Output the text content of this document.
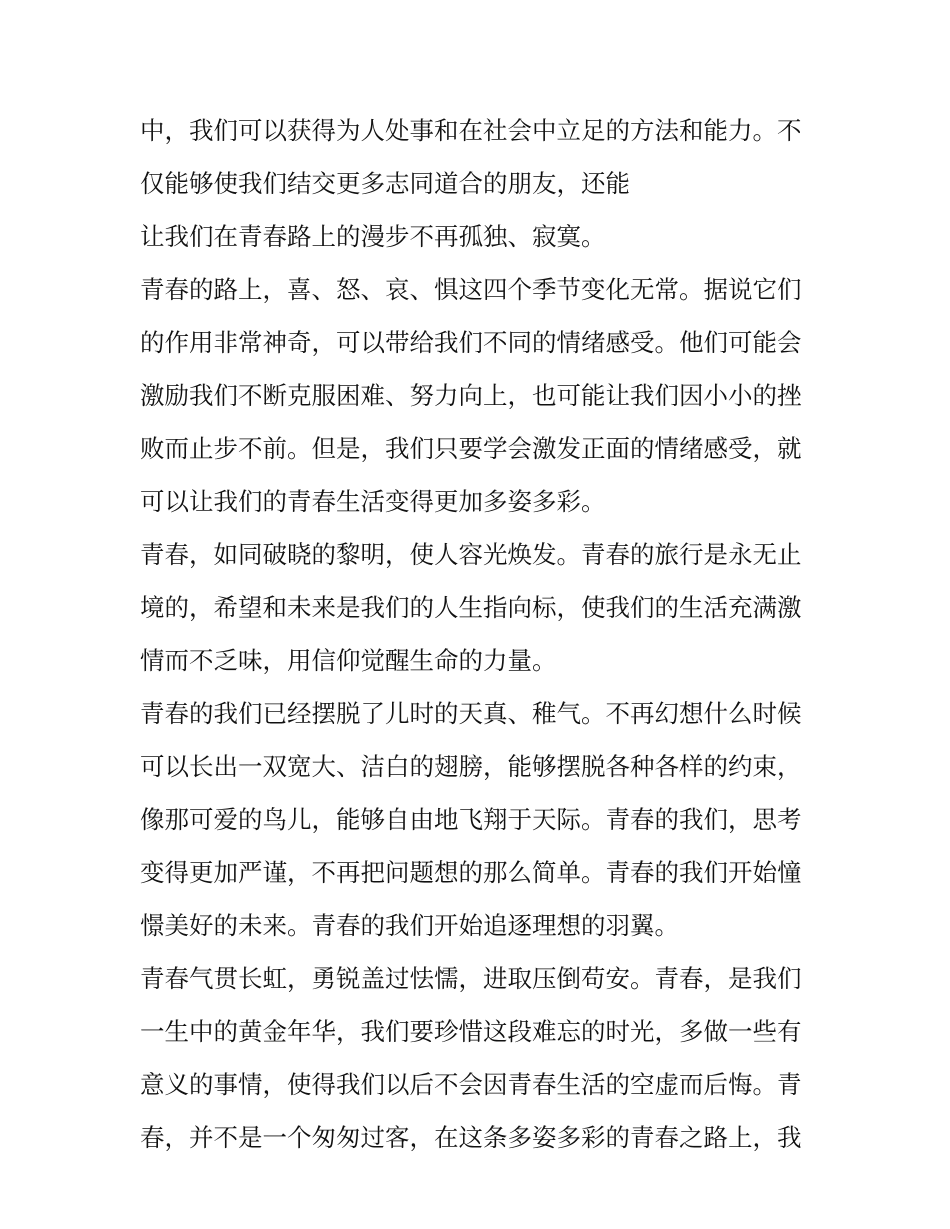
中，我们可以获得为人处事和在社会中立足的方法和能力。不
仅能够使我们结交更多志同道合的朋友，还能
让我们在青春路上的漫步不再孤独、寂寞。
青春的路上，喜、怒、哀、惧这四个季节变化无常。据说它们
的作用非常神奇，可以带给我们不同的情绪感受。他们可能会
激励我们不断克服困难、努力向上，也可能让我们因小小的挫
败而止步不前。但是，我们只要学会激发正面的情绪感受，就
可以让我们的青春生活变得更加多姿多彩。
青春，如同破晓的黎明，使人容光焕发。青春的旅行是永无止
境的，希望和未来是我们的人生指向标，使我们的生活充满激
情而不乏味，用信仰觉醒生命的力量。
青春的我们已经摆脱了儿时的天真、稚气。不再幻想什么时候
可以长出一双宽大、洁白的翅膀，能够摆脱各种各样的约束，
像那可爱的鸟儿，能够自由地飞翔于天际。青春的我们，思考
变得更加严谨，不再把问题想的那么简单。青春的我们开始憧
憬美好的未来。青春的我们开始追逐理想的羽翼。
青春气贯长虹，勇锐盖过怯懦，进取压倒苟安。青春，是我们
一生中的黄金年华，我们要珍惜这段难忘的时光，多做一些有
意义的事情，使得我们以后不会因青春生活的空虚而后悔。青
春，并不是一个匆匆过客，在这条多姿多彩的青春之路上，我
